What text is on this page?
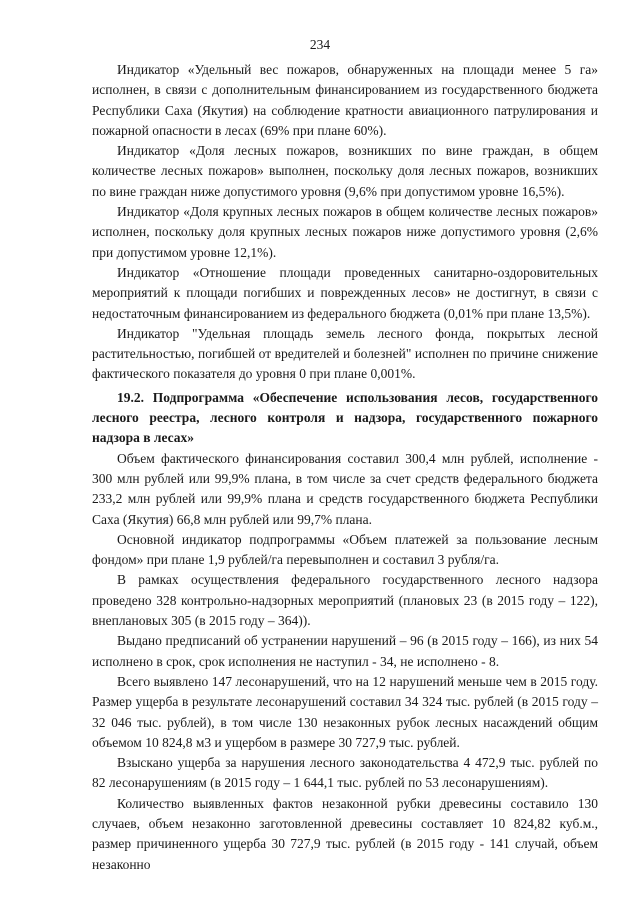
234

Индикатор «Удельный вес пожаров, обнаруженных на площади менее 5 га» исполнен, в связи с дополнительным финансированием из государственного бюджета Республики Саха (Якутия) на соблюдение кратности авиационного патрулирования и пожарной опасности в лесах (69% при плане 60%).

Индикатор «Доля лесных пожаров, возникших по вине граждан, в общем количестве лесных пожаров» выполнен, поскольку доля лесных пожаров, возникших по вине граждан ниже допустимого уровня (9,6% при допустимом уровне 16,5%).

Индикатор «Доля крупных лесных пожаров в общем количестве лесных пожаров» исполнен, поскольку доля крупных лесных пожаров ниже допустимого уровня (2,6% при допустимом уровне 12,1%).

Индикатор «Отношение площади проведенных санитарно-оздоровительных мероприятий к площади погибших и поврежденных лесов» не достигнут, в связи с недостаточным финансированием из федерального бюджета (0,01% при плане 13,5%).

Индикатор "Удельная площадь земель лесного фонда, покрытых лесной растительностью, погибшей от вредителей и болезней" исполнен по причине снижение фактического показателя до уровня 0 при плане 0,001%.

19.2. Подпрограмма «Обеспечение использования лесов, государственного лесного реестра, лесного контроля и надзора, государственного пожарного надзора в лесах»

Объем фактического финансирования составил 300,4 млн рублей, исполнение - 300 млн рублей или 99,9% плана, в том числе за счет средств федерального бюджета 233,2 млн рублей или 99,9% плана и средств государственного бюджета Республики Саха (Якутия) 66,8 млн рублей или 99,7% плана.

Основной индикатор подпрограммы «Объем платежей за пользование лесным фондом» при плане 1,9 рублей/га перевыполнен и составил 3 рубля/га.

В рамках осуществления федерального государственного лесного надзора проведено 328 контрольно-надзорных мероприятий (плановых 23 (в 2015 году – 122), внеплановых 305 (в 2015 году – 364)).

Выдано предписаний об устранении нарушений – 96 (в 2015 году – 166), из них 54 исполнено в срок, срок исполнения не наступил - 34, не исполнено - 8.

Всего выявлено 147 лесонарушений, что на 12 нарушений меньше чем в 2015 году. Размер ущерба в результате лесонарушений составил 34 324 тыс. рублей (в 2015 году – 32 046 тыс. рублей), в том числе 130 незаконных рубок лесных насаждений общим объемом 10 824,8 м3 и ущербом в размере 30 727,9 тыс. рублей.

Взыскано ущерба за нарушения лесного законодательства 4 472,9 тыс. рублей по 82 лесонарушениям (в 2015 году – 1 644,1 тыс. рублей по 53 лесонарушениям).

Количество выявленных фактов незаконной рубки древесины составило 130 случаев, объем незаконно заготовленной древесины составляет 10 824,82 куб.м., размер причиненного ущерба 30 727,9 тыс. рублей (в 2015 году - 141 случай, объем незаконно
